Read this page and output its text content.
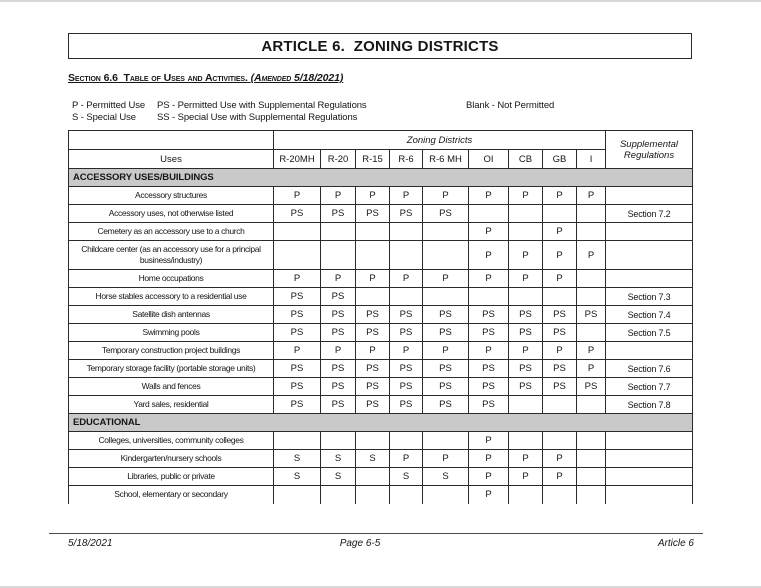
ARTICLE 6.  ZONING DISTRICTS
Section 6.6 Table of Uses and Activities. (Amended 5/18/2021)
P - Permitted Use PS - Permitted Use with Supplemental Regulations	Blank - Not Permitted
S - Special Use SS - Special Use with Supplemental Regulations
	Zoning Districts									Supplemental Regulations
Uses	R-20MH	R-20	R-15	R-6	R-6 MH	OI	CB	GB	I	
ACCESSORY USES/BUILDINGS										
Accessory structures	P	P	P	P	P	P	P	P	P	
Accessory uses, not otherwise listed	PS	PS	PS	PS	PS					Section 7.2
Cemetery as an accessory use to a church						P		P		
Childcare center (as an accessory use for a principal business/industry)						P	P	P	P	
Home occupations	P	P	P	P	P	P	P	P		
Horse stables accessory to a residential use	PS	PS								Section 7.3
Satellite dish antennas	PS	PS	PS	PS	PS	PS	PS	PS	PS	Section 7.4
Swimming pools	PS	PS	PS	PS	PS	PS	PS	PS		Section 7.5
Temporary construction project buildings	P	P	P	P	P	P	P	P	P	
Temporary storage facility (portable storage units)	PS	PS	PS	PS	PS	PS	PS	PS	P	Section 7.6
Walls and fences	PS	PS	PS	PS	PS	PS	PS	PS	PS	Section 7.7
Yard sales, residential	PS	PS	PS	PS	PS	PS				Section 7.8
EDUCATIONAL										
Colleges, universities, community colleges						P				
Kindergarten/nursery schools	S	S	S	P	P	P	P	P		
Libraries, public or private	S	S		S	S	P	P	P		
School, elementary or secondary						P				
5/18/2021	Page 6-5	Article 6
